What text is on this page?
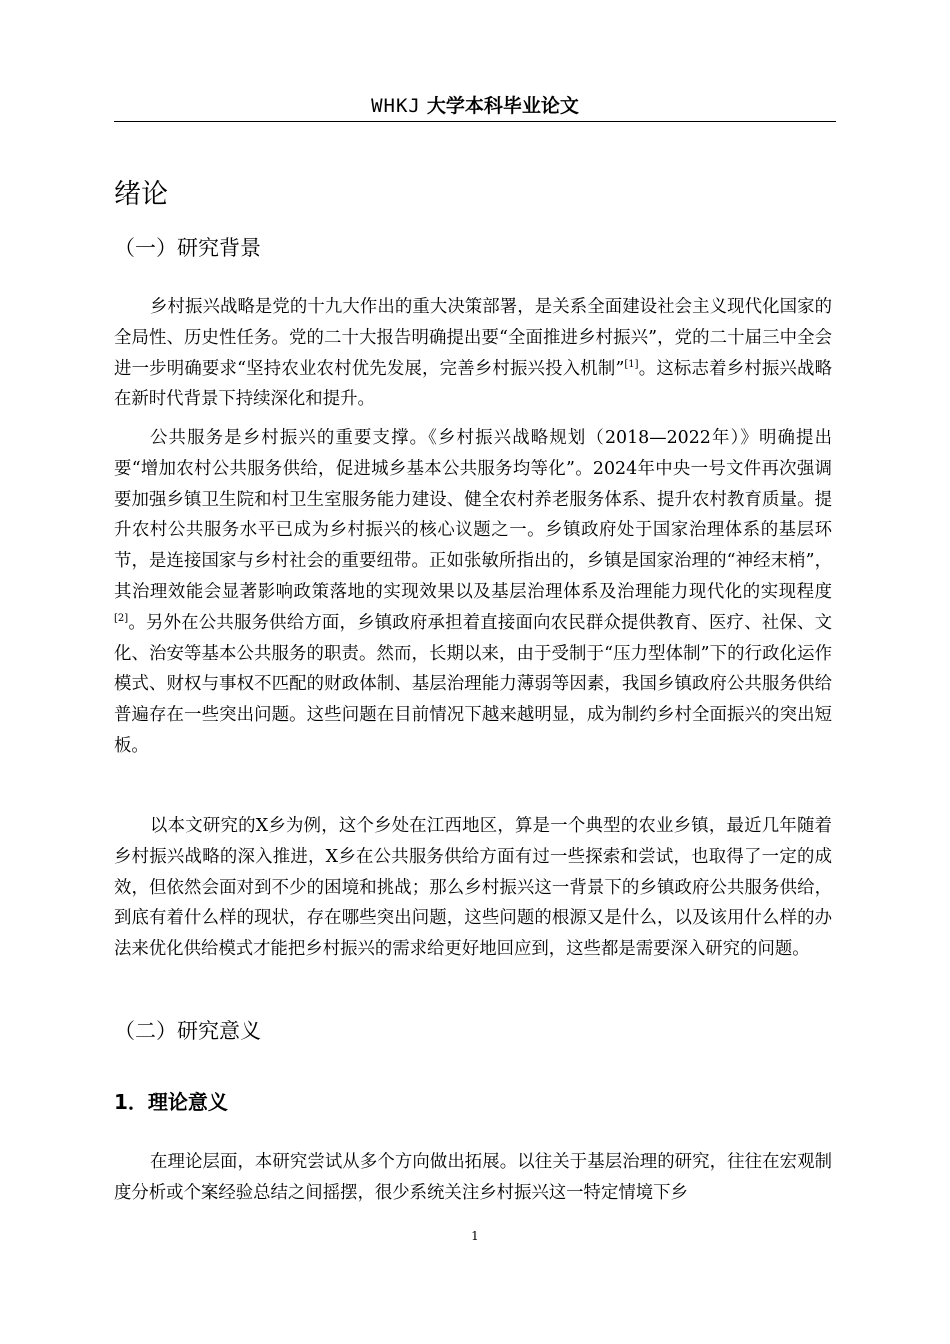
WHKJ 大学本科毕业论文
绪论
（一）研究背景

乡村振兴战略是党的十九大作出的重大决策部署，是关系全面建设社会主义现代化国家的全局性、历史性任务。党的二十大报告明确提出要“全面推进乡村振兴”，党的二十届三中全会进一步明确要求“坚持农业农村优先发展，完善乡村振兴投入机制”[1]。这标志着乡村振兴战略在新时代背景下持续深化和提升。

公共服务是乡村振兴的重要支撑。《乡村振兴战略规划（2018—2022年）》明确提出要“增加农村公共服务供给，促进城乡基本公共服务均等化”。2024年中央一号文件再次强调要加强乡镇卫生院和村卫生室服务能力建设、健全农村养老服务体系、提升农村教育质量。提升农村公共服务水平已成为乡村振兴的核心议题之一。乡镇政府处于国家治理体系的基层环节，是连接国家与乡村社会的重要纽带。正如张敏所指出的，乡镇是国家治理的“神经末梢”，其治理效能会显著影响政策落地的实现效果以及基层治理体系及治理能力现代化的实现程度[2]。另外在公共服务供给方面，乡镇政府承担着直接面向农民群众提供教育、医疗、社保、文化、治安等基本公共服务的职责。然而，长期以来，由于受制于“压力型体制”下的行政化运作模式、财权与事权不匹配的财政体制、基层治理能力薄弱等因素，我国乡镇政府公共服务供给普遍存在一些突出问题。这些问题在目前情况下越来越明显，成为制约乡村全面振兴的突出短板。

以本文研究的X乡为例，这个乡处在江西地区，算是一个典型的农业乡镇，最近几年随着乡村振兴战略的深入推进，X乡在公共服务供给方面有过一些探索和尝试，也取得了一定的成效，但依然会面对到不少的困境和挑战；那么乡村振兴这一背景下的乡镇政府公共服务供给，到底有着什么样的现状，存在哪些突出问题，这些问题的根源又是什么，以及该用什么样的办法来优化供给模式才能把乡村振兴的需求给更好地回应到，这些都是需要深入研究的问题。

（二）研究意义
1．理论意义

在理论层面，本研究尝试从多个方向做出拓展。以往关于基层治理的研究，往往在宏观制度分析或个案经验总结之间摇摆，很少系统关注乡村振兴这一特定情境下乡

1
